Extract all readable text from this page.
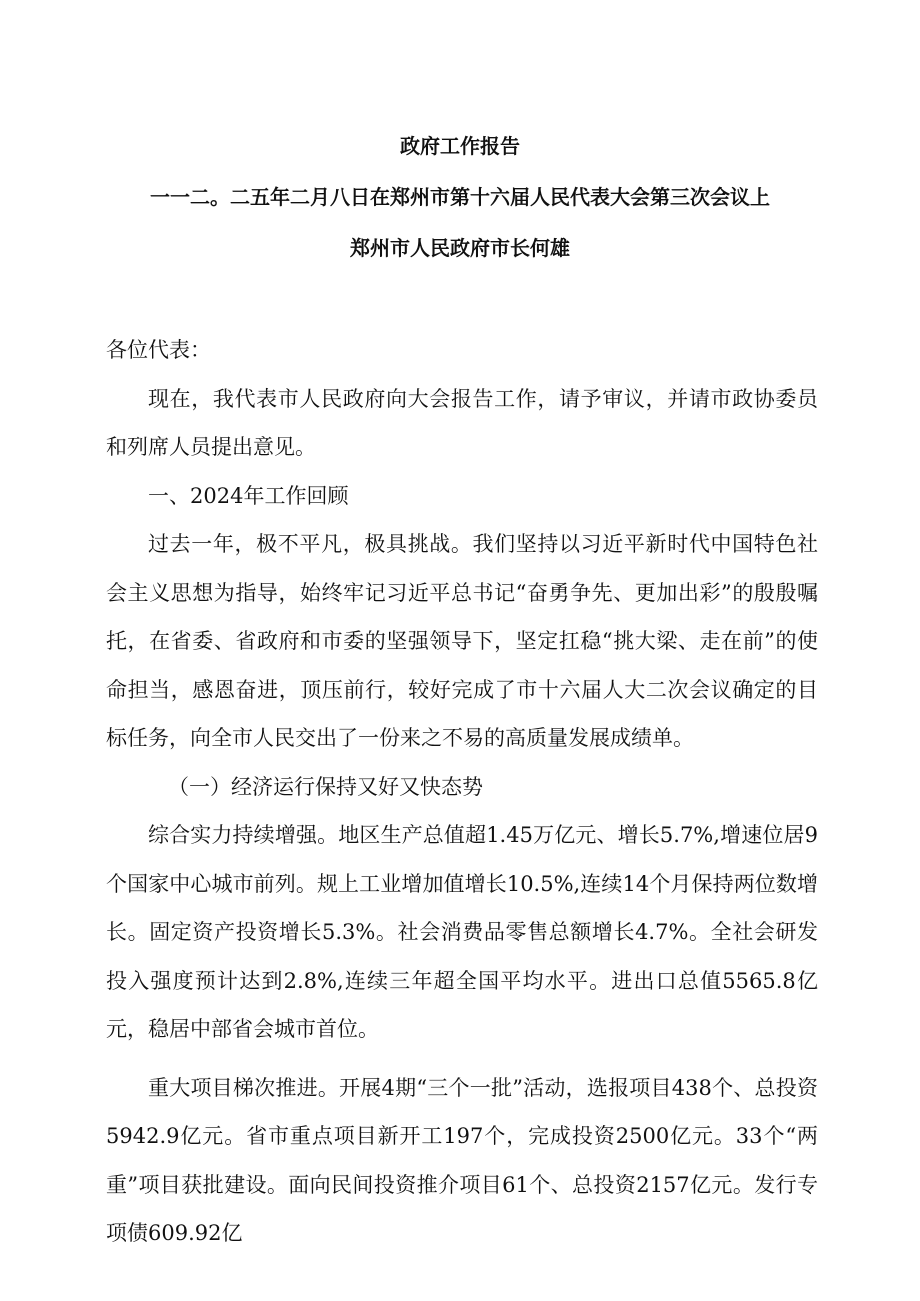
政府工作报告
一一二。二五年二月八日在郑州市第十六届人民代表大会第三次会议上
郑州市人民政府市长何雄

各位代表：

现在，我代表市人民政府向大会报告工作，请予审议，并请市政协委员和列席人员提出意见。

一、2024年工作回顾

过去一年，极不平凡，极具挑战。我们坚持以习近平新时代中国特色社会主义思想为指导，始终牢记习近平总书记“奋勇争先、更加出彩”的殷殷嘱托，在省委、省政府和市委的坚强领导下，坚定扛稳“挑大梁、走在前”的使命担当，感恩奋进，顶压前行，较好完成了市十六届人大二次会议确定的目标任务，向全市人民交出了一份来之不易的高质量发展成绩单。

（一）经济运行保持又好又快态势

综合实力持续增强。地区生产总值超1.45万亿元、增长5.7%,增速位居9个国家中心城市前列。规上工业增加值增长10.5%,连续14个月保持两位数增长。固定资产投资增长5.3%。社会消费品零售总额增长4.7%。全社会研发投入强度预计达到2.8%,连续三年超全国平均水平。进出口总值5565.8亿元，稳居中部省会城市首位。

重大项目梯次推进。开展4期“三个一批”活动，选报项目438个、总投资5942.9亿元。省市重点项目新开工197个，完成投资2500亿元。33个“两重”项目获批建设。面向民间投资推介项目61个、总投资2157亿元。发行专项债609.92亿
